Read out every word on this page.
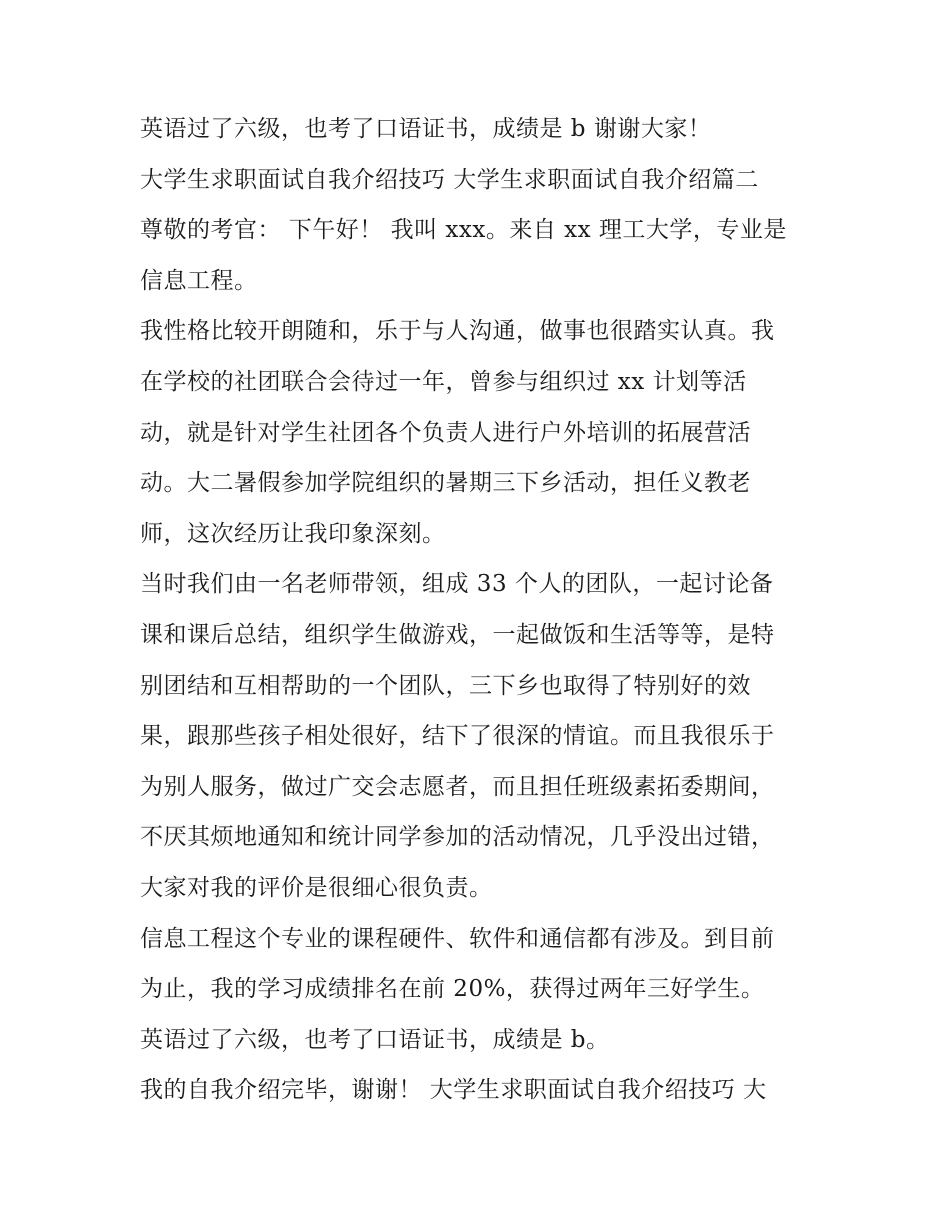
英语过了六级，也考了口语证书，成绩是 b 谢谢大家！
大学生求职面试自我介绍技巧 大学生求职面试自我介绍篇二
尊敬的考官： 下午好！ 我叫 xxx。来自 xx 理工大学，专业是
信息工程。
我性格比较开朗随和，乐于与人沟通，做事也很踏实认真。我
在学校的社团联合会待过一年，曾参与组织过 xx 计划等活
动，就是针对学生社团各个负责人进行户外培训的拓展营活
动。大二暑假参加学院组织的暑期三下乡活动，担任义教老
师，这次经历让我印象深刻。
当时我们由一名老师带领，组成 33 个人的团队，一起讨论备
课和课后总结，组织学生做游戏，一起做饭和生活等等，是特
别团结和互相帮助的一个团队，三下乡也取得了特别好的效
果，跟那些孩子相处很好，结下了很深的情谊。而且我很乐于
为别人服务，做过广交会志愿者，而且担任班级素拓委期间，
不厌其烦地通知和统计同学参加的活动情况，几乎没出过错，
大家对我的评价是很细心很负责。
信息工程这个专业的课程硬件、软件和通信都有涉及。到目前
为止，我的学习成绩排名在前 20%，获得过两年三好学生。
英语过了六级，也考了口语证书，成绩是 b。
我的自我介绍完毕，谢谢！ 大学生求职面试自我介绍技巧 大
